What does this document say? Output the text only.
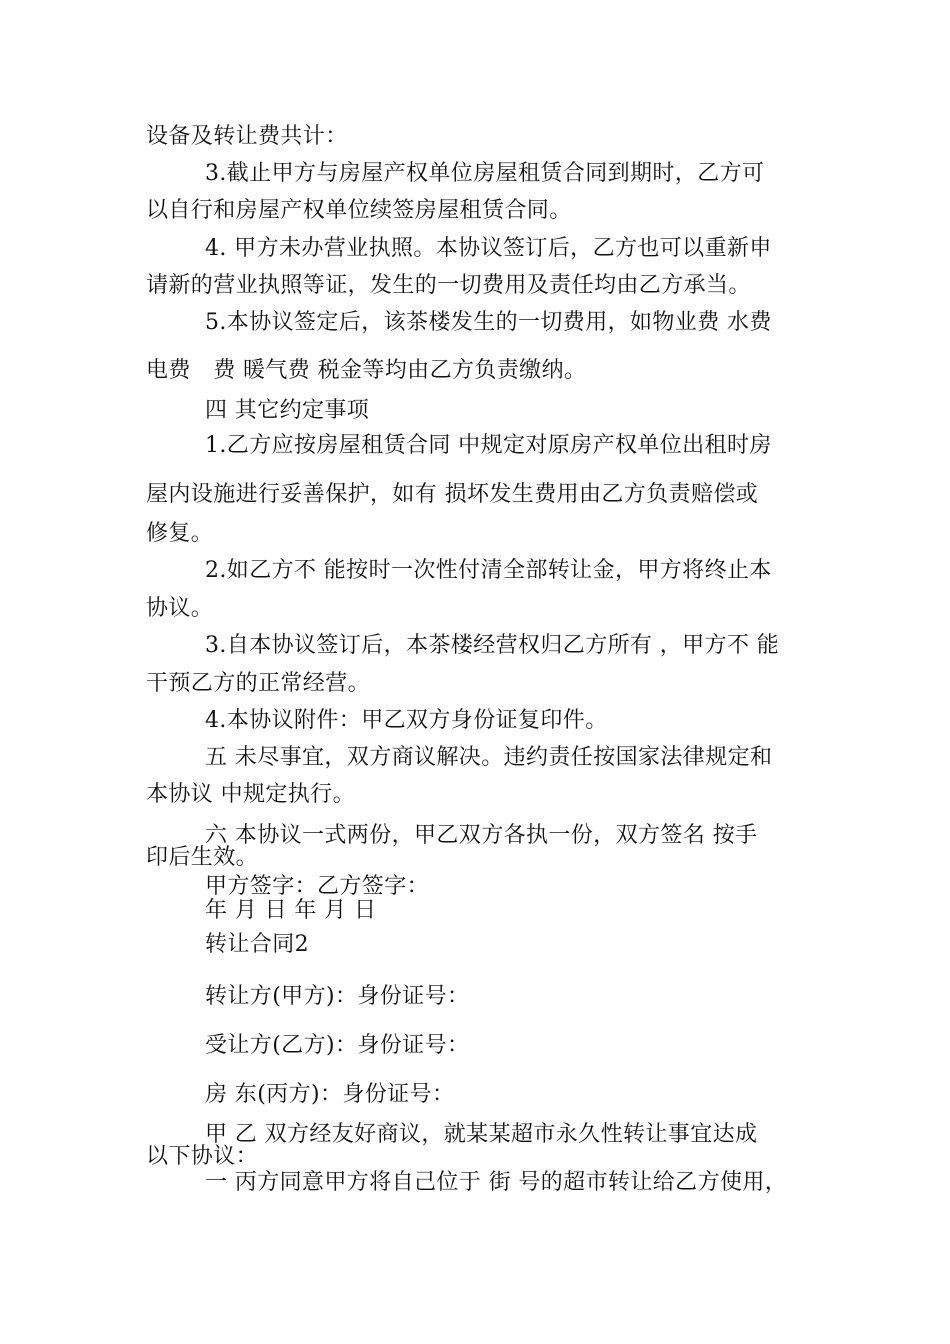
设备及转让费共计：
3.截止甲方与房屋产权单位房屋租赁合同到期时，乙方可
以自行和房屋产权单位续签房屋租赁合同。
4. 甲方未办营业执照。本协议签订后，乙方也可以重新申
请新的营业执照等证，发生的一切费用及责任均由乙方承当。
5.本协议签定后，该茶楼发生的一切费用，如物业费 水费
电费　费 暖气费 税金等均由乙方负责缴纳。
四 其它约定事项
1.乙方应按房屋租赁合同 中规定对原房产权单位出租时房
屋内设施进行妥善保护，如有 损坏发生费用由乙方负责赔偿或
修复。
2.如乙方不 能按时一次性付清全部转让金，甲方将终止本
协议。
3.自本协议签订后，本茶楼经营权归乙方所有 ，甲方不 能
干预乙方的正常经营。
4.本协议附件：甲乙双方身份证复印件。
五 未尽事宜，双方商议解决。违约责任按国家法律规定和
本协议 中规定执行。
六 本协议一式两份，甲乙双方各执一份，双方签名 按手
印后生效。
甲方签字：乙方签字：
年 月 日 年 月 日
转让合同2
转让方(甲方)：身份证号：
受让方(乙方)：身份证号：
房 东(丙方)：身份证号：
甲 乙 双方经友好商议，就某某超市永久性转让事宜达成
以下协议：
一 丙方同意甲方将自己位于 街 号的超市转让给乙方使用，
